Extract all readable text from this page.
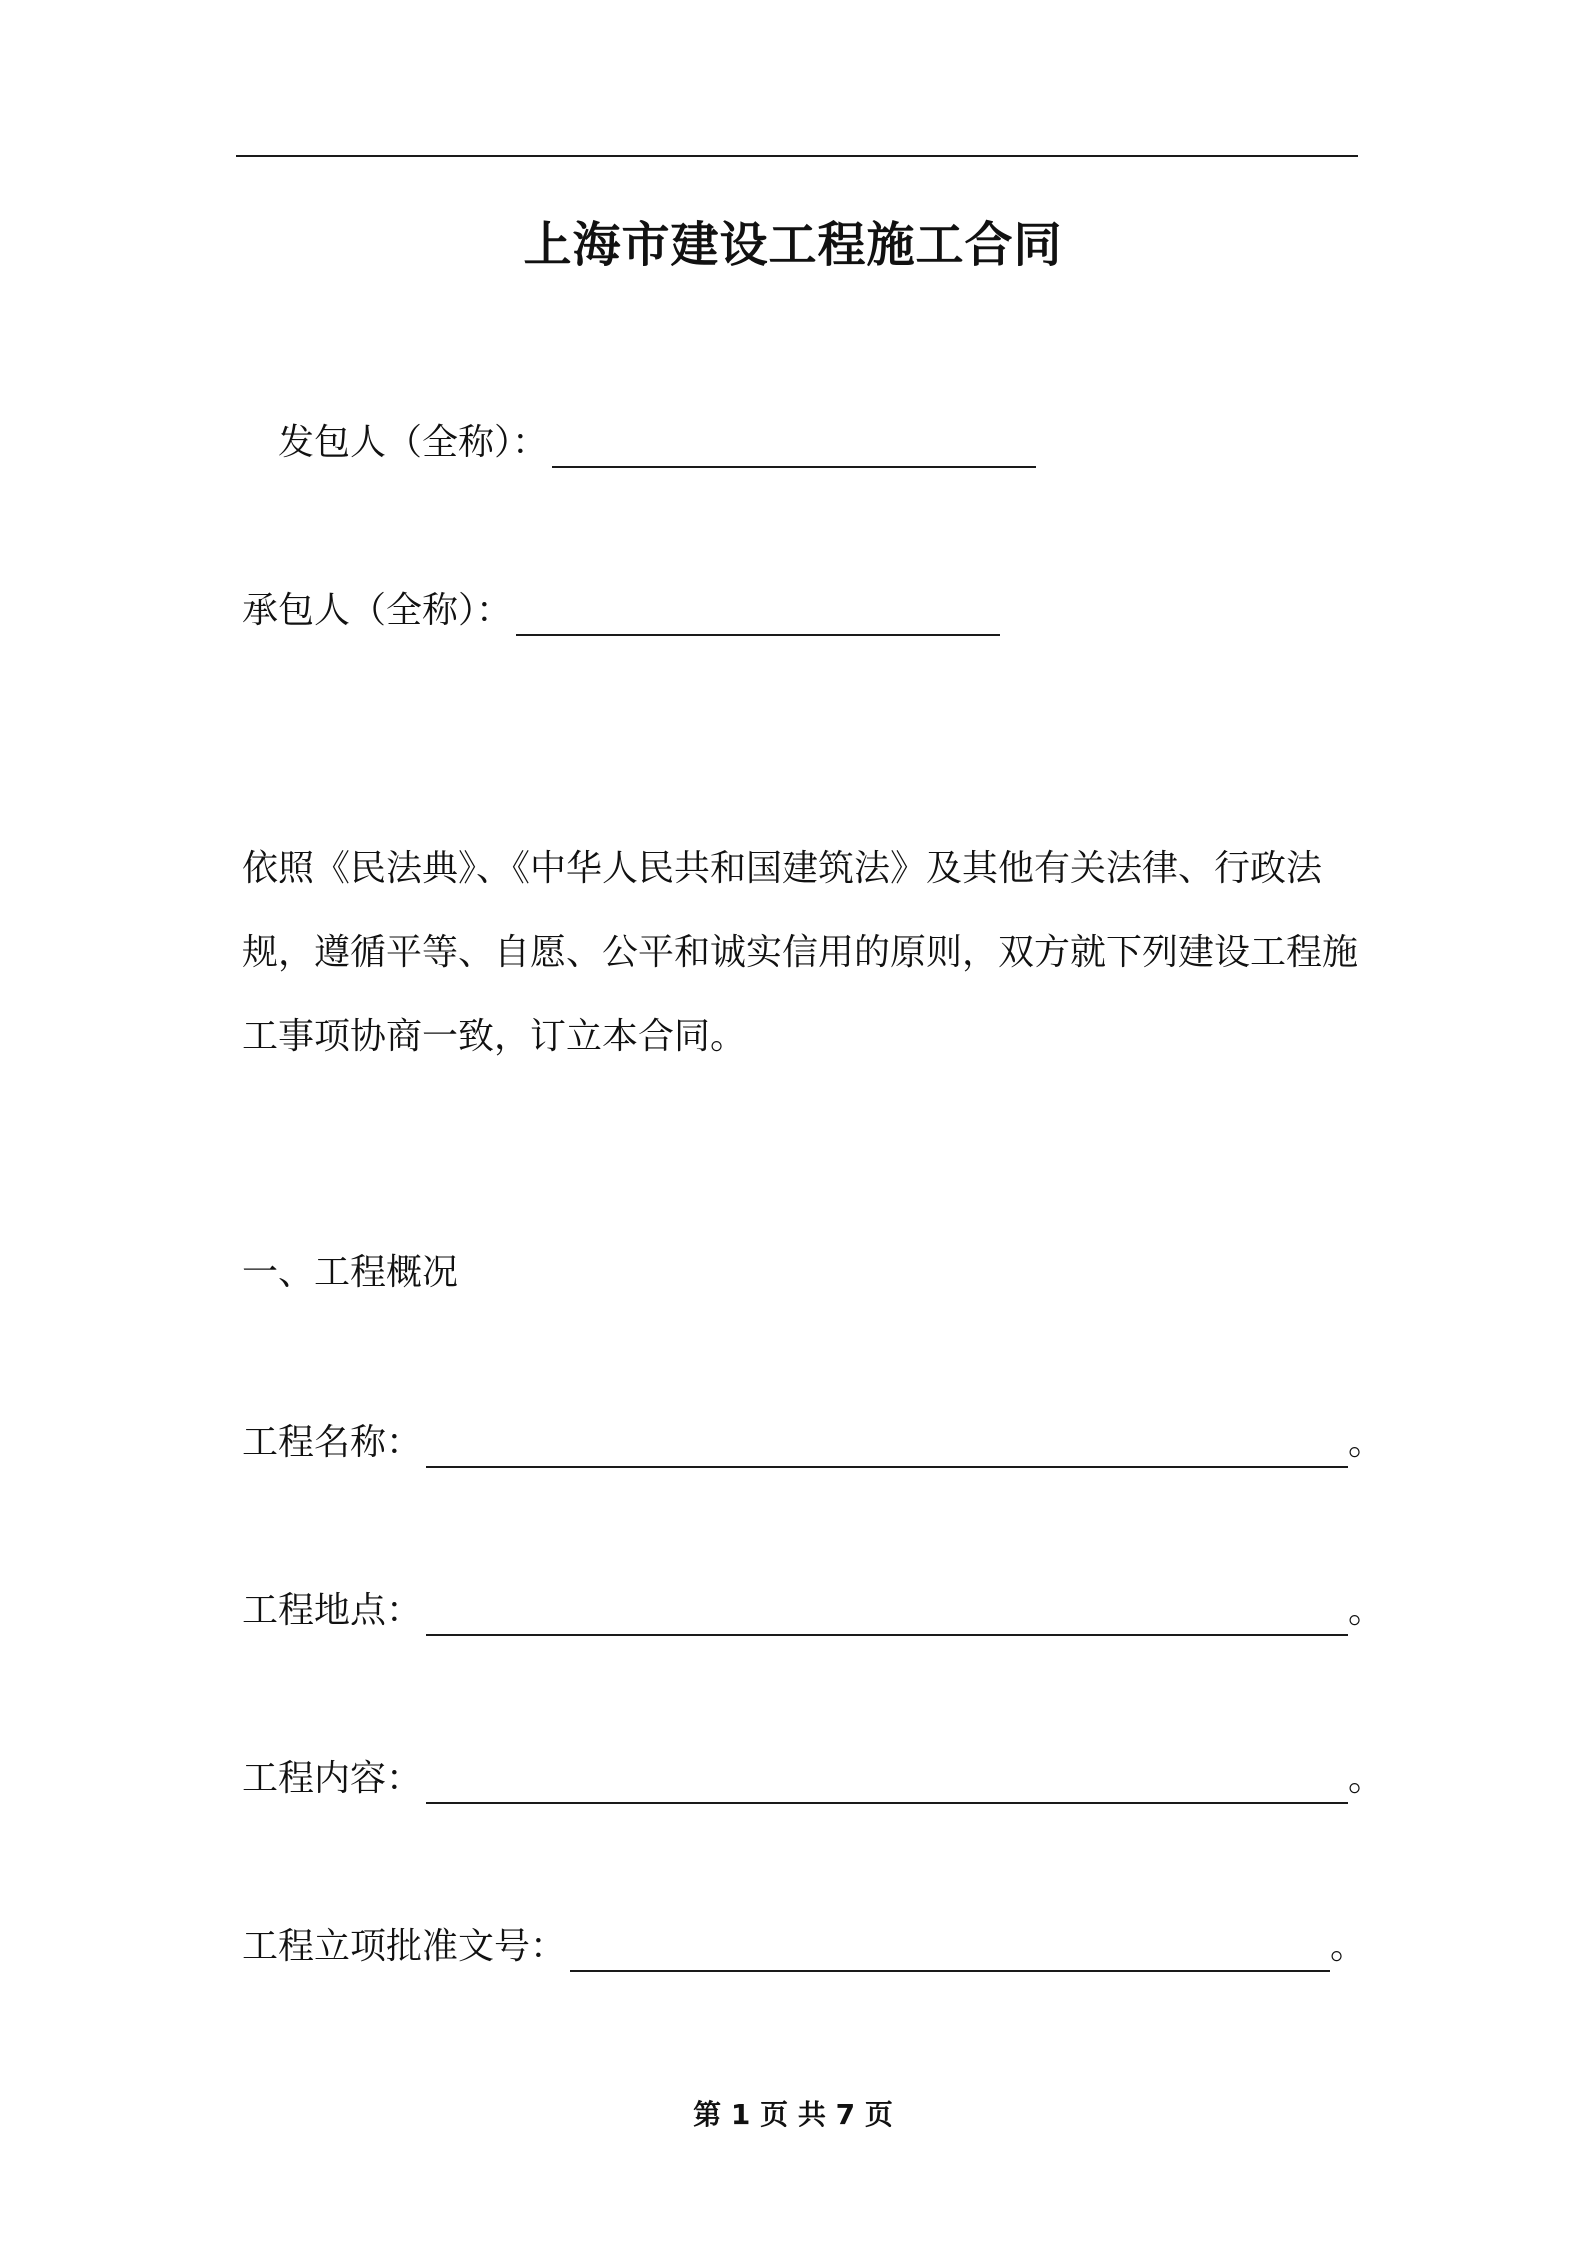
上海市建设工程施工合同
发包人（全称）：
承包人（全称）：

依照《民法典》、《中华人民共和国建筑法》及其他有关法律、行政法规，遵循平等、自愿、公平和诚实信用的原则，双方就下列建设工程施工事项协商一致，订立本合同。

一、工程概况
工程名称：	。
工程地点：	。
工程内容：	。
工程立项批准文号：	。
第 1 页 共 7 页
